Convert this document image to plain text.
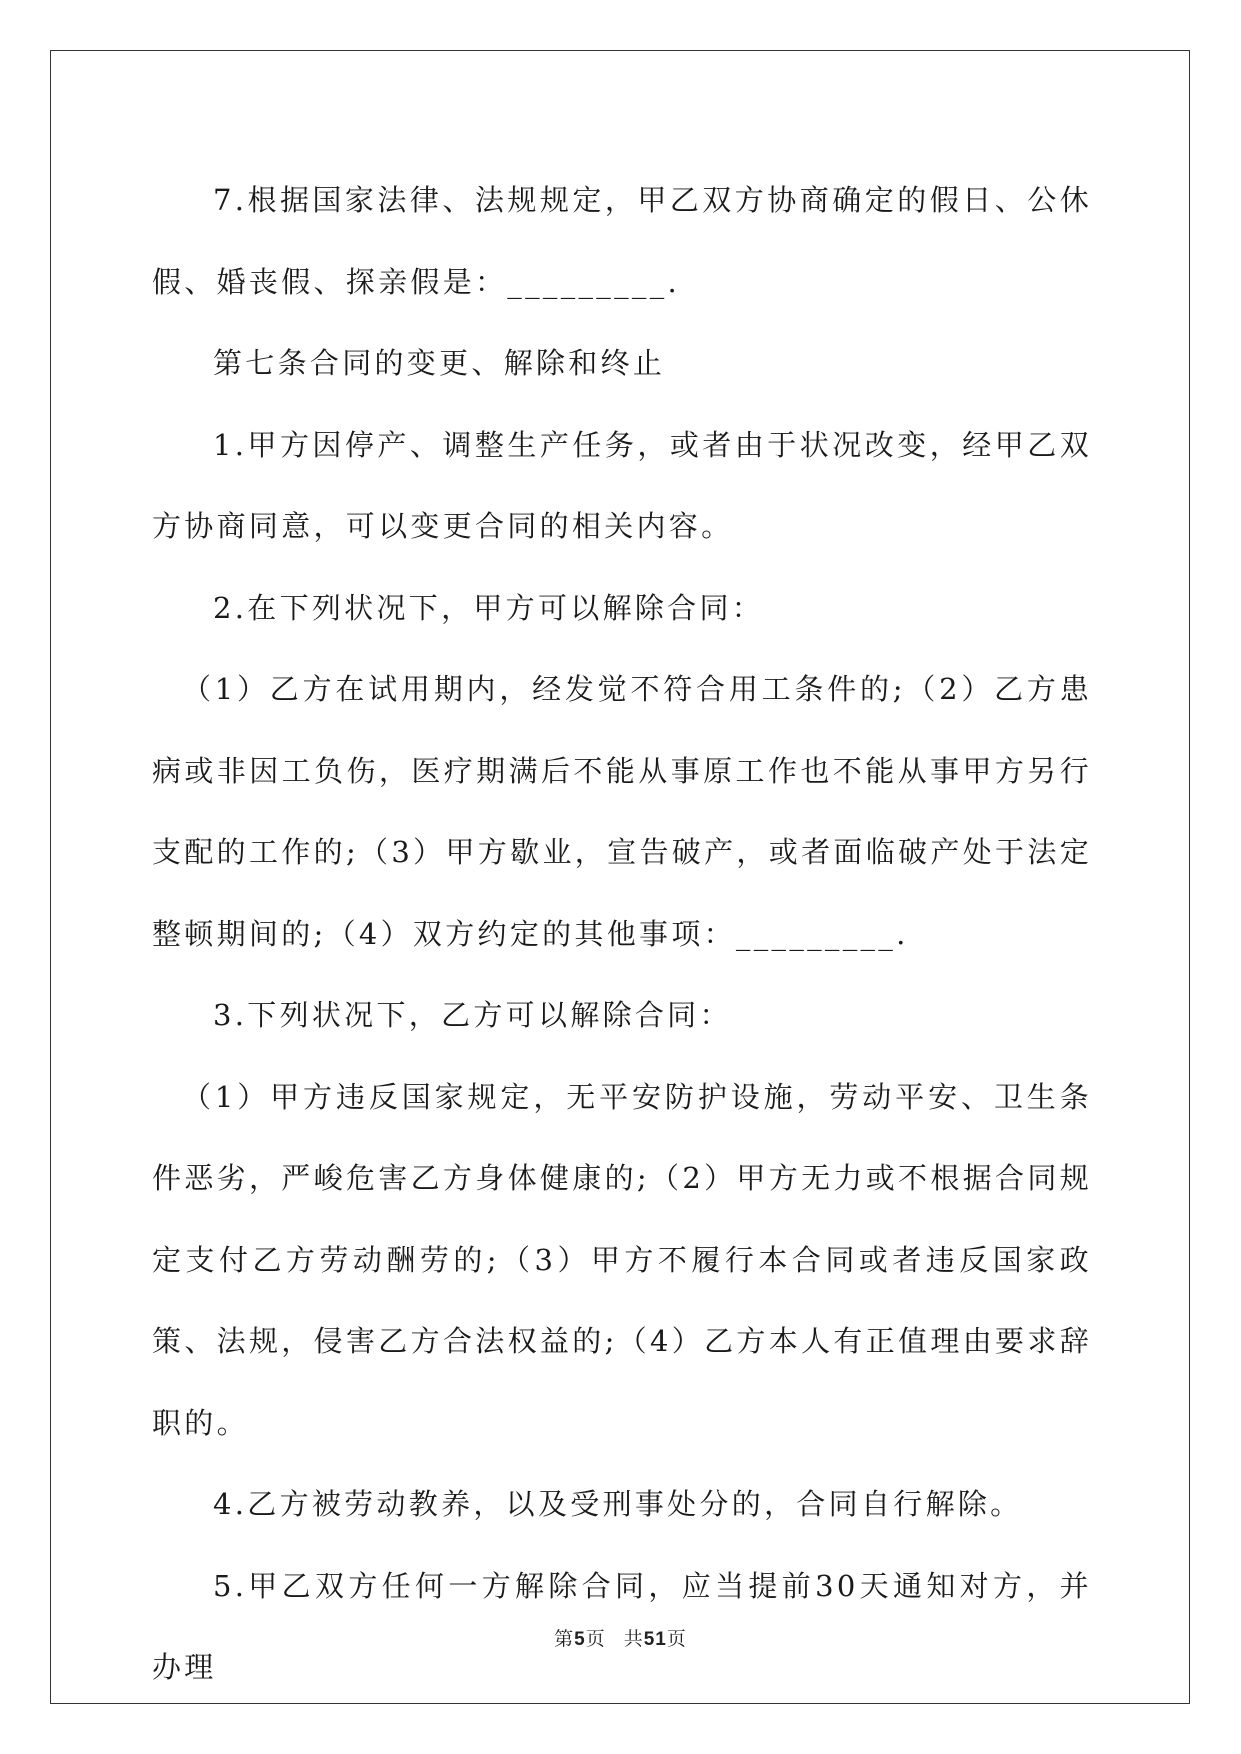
7.根据国家法律、法规规定，甲乙双方协商确定的假日、公休假、婚丧假、探亲假是：_________.

第七条合同的变更、解除和终止

1.甲方因停产、调整生产任务，或者由于状况改变，经甲乙双方协商同意，可以变更合同的相关内容。

2.在下列状况下，甲方可以解除合同：

（1）乙方在试用期内，经发觉不符合用工条件的;（2）乙方患病或非因工负伤，医疗期满后不能从事原工作也不能从事甲方另行支配的工作的;（3）甲方歇业，宣告破产，或者面临破产处于法定整顿期间的;（4）双方约定的其他事项：_________.

3.下列状况下，乙方可以解除合同：

（1）甲方违反国家规定，无平安防护设施，劳动平安、卫生条件恶劣，严峻危害乙方身体健康的;（2）甲方无力或不根据合同规定支付乙方劳动酬劳的;（3）甲方不履行本合同或者违反国家政策、法规，侵害乙方合法权益的;（4）乙方本人有正值理由要求辞职的。

4.乙方被劳动教养，以及受刑事处分的，合同自行解除。

5.甲乙双方任何一方解除合同，应当提前30天通知对方，并办理

第5页 共51页
